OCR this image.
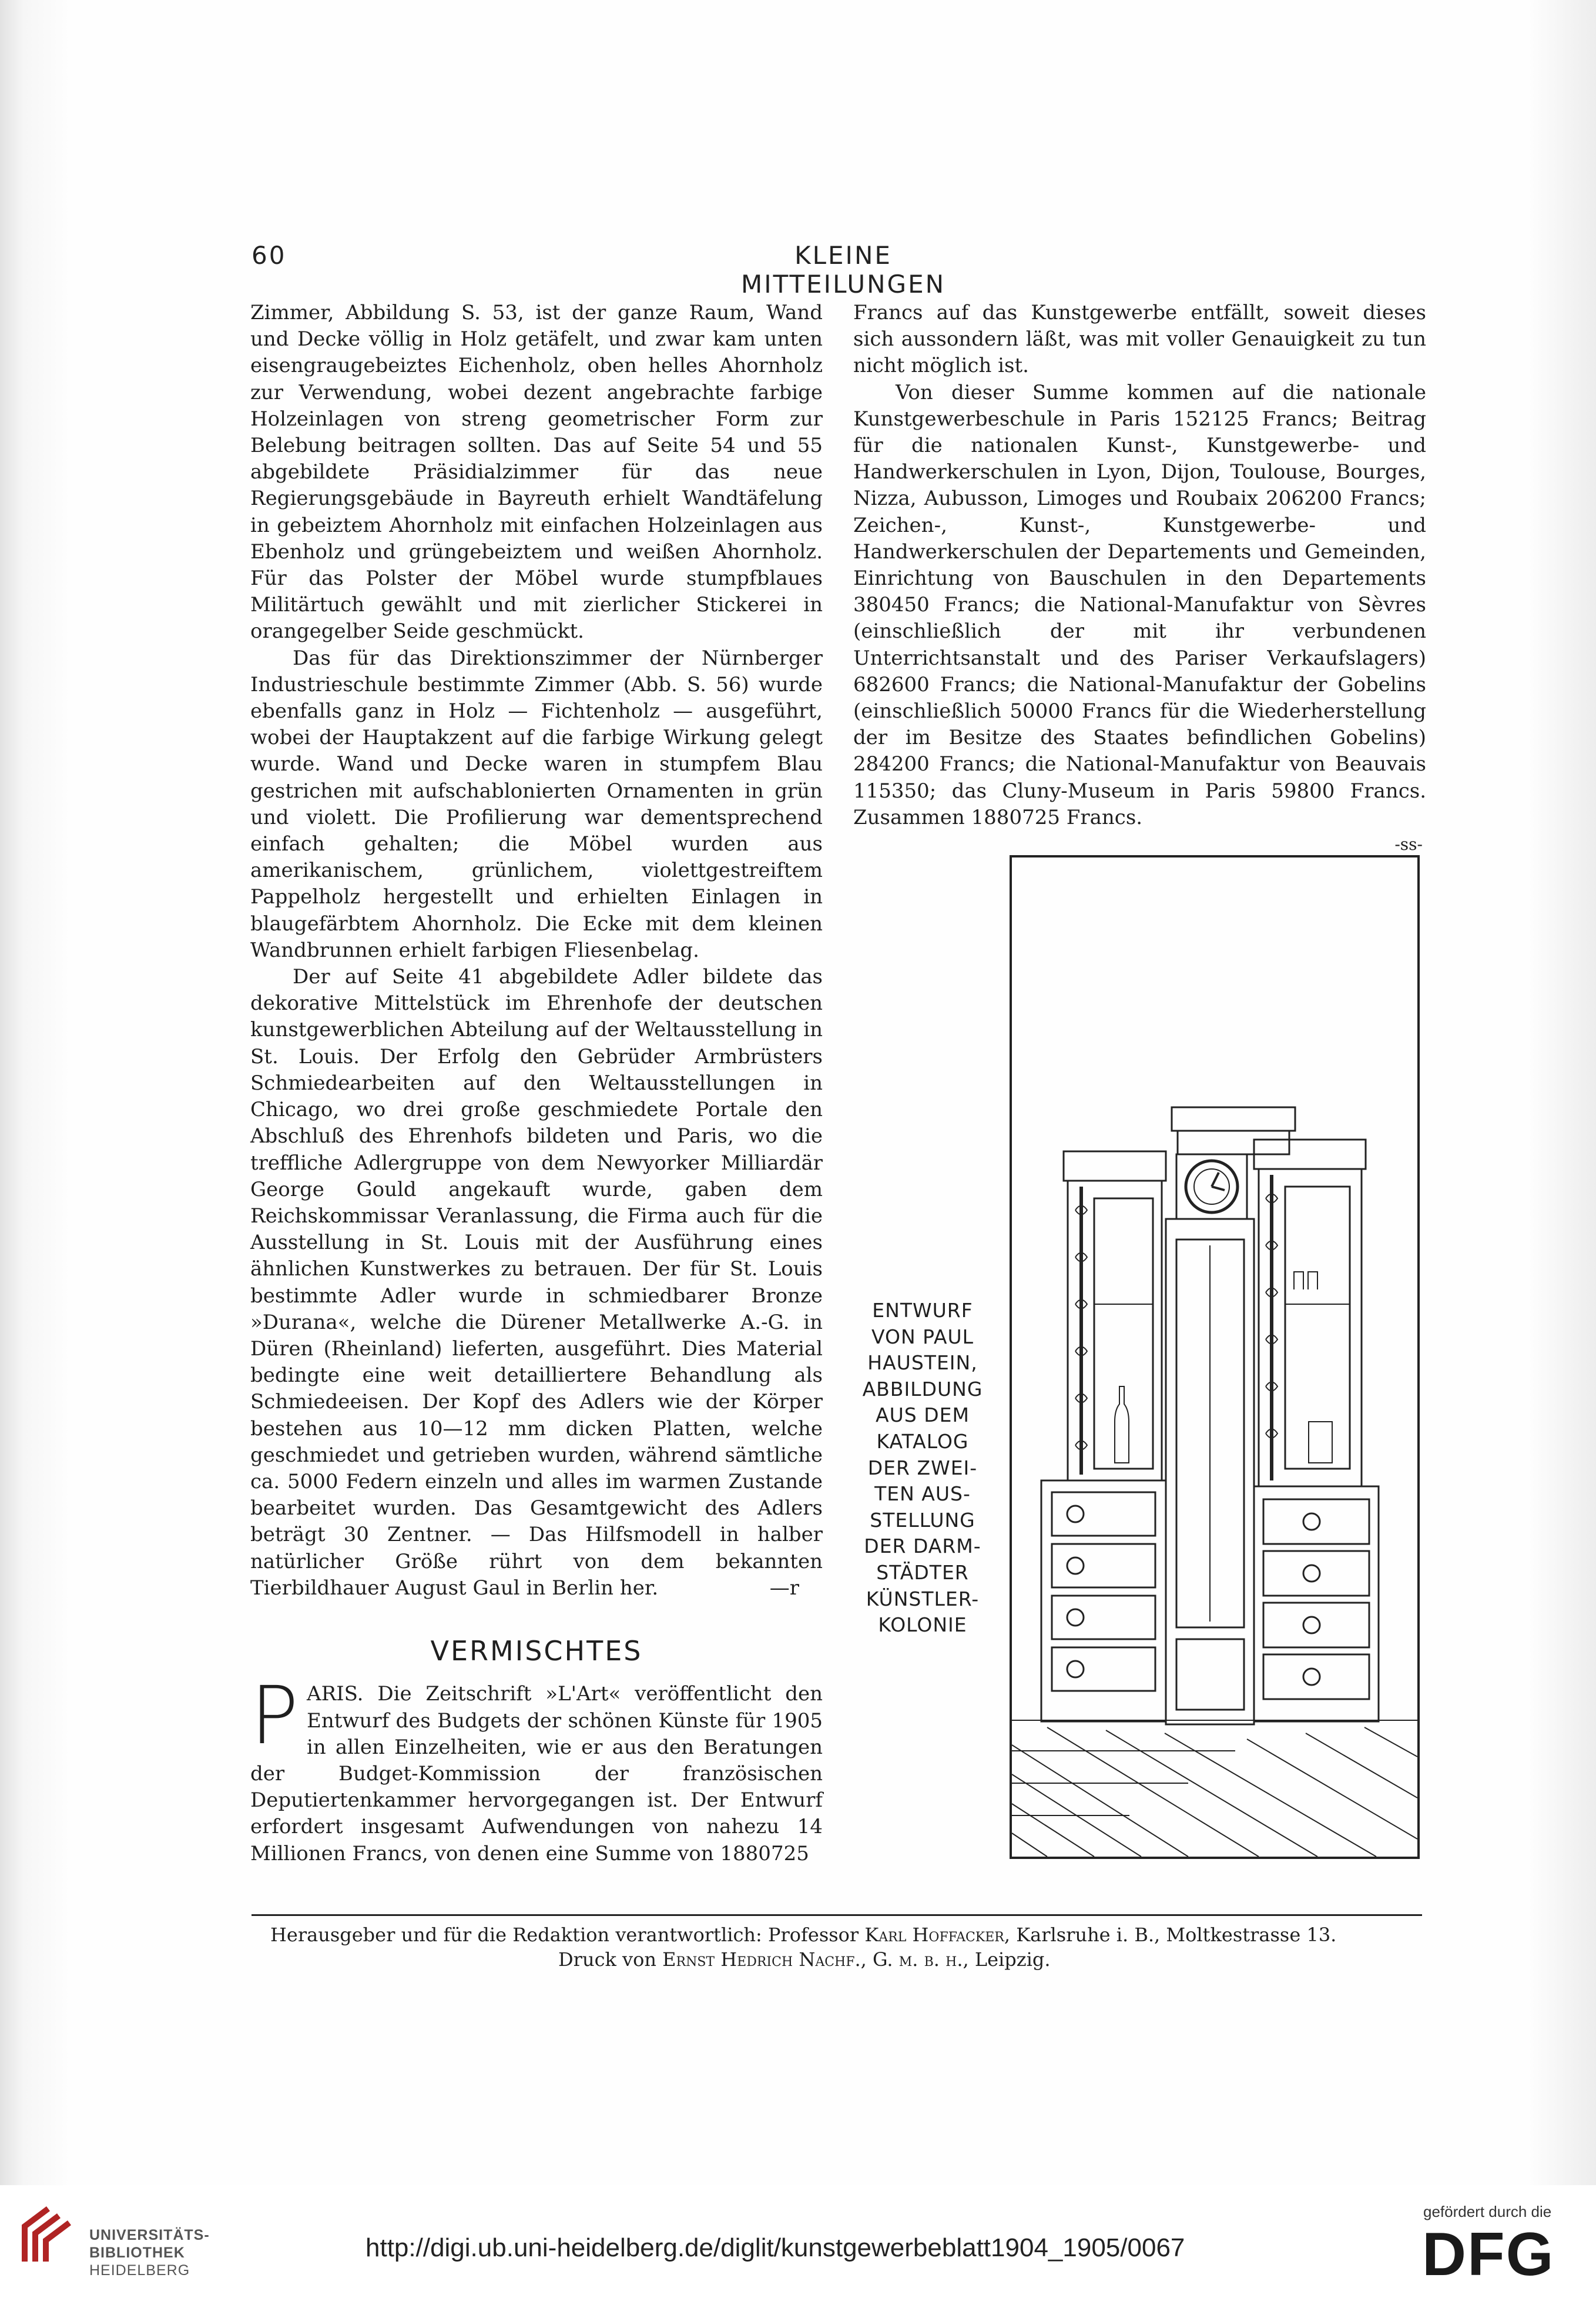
60	KLEINE MITTEILUNGEN

Zimmer, Abbildung S. 53, ist der ganze Raum, Wand und Decke völlig in Holz getäfelt, und zwar kam unten eisengraugebeiztes Eichenholz, oben helles Ahornholz zur Verwendung, wobei dezent angebrachte farbige Holzeinlagen von streng geometrischer Form zur Belebung beitragen sollten. Das auf Seite 54 und 55 abgebildete Präsidialzimmer für das neue Regierungsgebäude in Bayreuth erhielt Wandtäfelung in gebeiztem Ahornholz mit einfachen Holzeinlagen aus Ebenholz und grüngebeiztem und weißen Ahornholz. Für das Polster der Möbel wurde stumpfblaues Militärtuch gewählt und mit zierlicher Stickerei in orangegelber Seide geschmückt.

Das für das Direktionszimmer der Nürnberger Industrieschule bestimmte Zimmer (Abb. S. 56) wurde ebenfalls ganz in Holz — Fichtenholz — ausgeführt, wobei der Hauptakzent auf die farbige Wirkung gelegt wurde. Wand und Decke waren in stumpfem Blau gestrichen mit aufschablonierten Ornamenten in grün und violett. Die Profilierung war dementsprechend einfach gehalten; die Möbel wurden aus amerikanischem, grünlichem, violettgestreiftem Pappelholz hergestellt und erhielten Einlagen in blaugefärbtem Ahornholz. Die Ecke mit dem kleinen Wandbrunnen erhielt farbigen Fliesenbelag.

Der auf Seite 41 abgebildete Adler bildete das dekorative Mittelstück im Ehrenhofe der deutschen kunstgewerblichen Abteilung auf der Weltausstellung in St. Louis. Der Erfolg den Gebrüder Armbrüsters Schmiedearbeiten auf den Weltausstellungen in Chicago, wo drei große geschmiedete Portale den Abschluß des Ehrenhofs bildeten und Paris, wo die treffliche Adlergruppe von dem Newyorker Milliardär George Gould angekauft wurde, gaben dem Reichskommissar Veranlassung, die Firma auch für die Ausstellung in St. Louis mit der Ausführung eines ähnlichen Kunstwerkes zu betrauen. Der für St. Louis bestimmte Adler wurde in schmiedbarer Bronze »Durana«, welche die Dürener Metallwerke A.-G. in Düren (Rheinland) lieferten, ausgeführt. Dies Material bedingte eine weit detailliertere Behandlung als Schmiedeeisen. Der Kopf des Adlers wie der Körper bestehen aus 10—12 mm dicken Platten, welche geschmiedet und getrieben wurden, während sämtliche ca. 5000 Federn einzeln und alles im warmen Zustande bearbeitet wurden. Das Gesamtgewicht des Adlers beträgt 30 Zentner. — Das Hilfsmodell in halber natürlicher Größe rührt von dem bekannten Tierbildhauer August Gaul in Berlin her.	—r
VERMISCHTES

PARIS. Die Zeitschrift »L'Art« veröffentlicht den Entwurf des Budgets der schönen Künste für 1905 in allen Einzelheiten, wie er aus den Beratungen der Budget-Kommission der französischen Deputiertenkammer hervorgegangen ist. Der Entwurf erfordert insgesamt Aufwendungen von nahezu 14 Millionen Francs, von denen eine Summe von 1880725

Francs auf das Kunstgewerbe entfällt, soweit dieses sich aussondern läßt, was mit voller Genauigkeit zu tun nicht möglich ist.

Von dieser Summe kommen auf die nationale Kunstgewerbeschule in Paris 152125 Francs; Beitrag für die nationalen Kunst-, Kunstgewerbe- und Handwerkerschulen in Lyon, Dijon, Toulouse, Bourges, Nizza, Aubusson, Limoges und Roubaix 206200 Francs; Zeichen-, Kunst-, Kunstgewerbe- und Handwerkerschulen der Departements und Gemeinden, Einrichtung von Bauschulen in den Departements 380450 Francs; die National-Manufaktur von Sèvres (einschließlich der mit ihr verbundenen Unterrichtsanstalt und des Pariser Verkaufslagers) 682600 Francs; die National-Manufaktur der Gobelins (einschließlich 50000 Francs für die Wiederherstellung der im Besitze des Staates befindlichen Gobelins) 284200 Francs; die National-Manufaktur von Beauvais 115350; das Cluny-Museum in Paris 59800 Francs. Zusammen 1880725 Francs.

-ss-
ENTWURF
VON PAUL
HAUSTEIN,
ABBILDUNG
AUS DEM
KATALOG
DER ZWEI-
TEN AUS-
STELLUNG
DER DARM-
STÄDTER
KÜNSTLER-
KOLONIE
Herausgeber und für die Redaktion verantwortlich: Professor Karl Hoffacker, Karlsruhe i. B., Moltkestrasse 13.
Druck von Ernst Hedrich Nachf., G. m. b. h., Leipzig.
UNIVERSITÄTS-
BIBLIOTHEK
HEIDELBERG
http://digi.ub.uni-heidelberg.de/diglit/kunstgewerbeblatt1904_1905/0067
gefördert durch die
DFG
